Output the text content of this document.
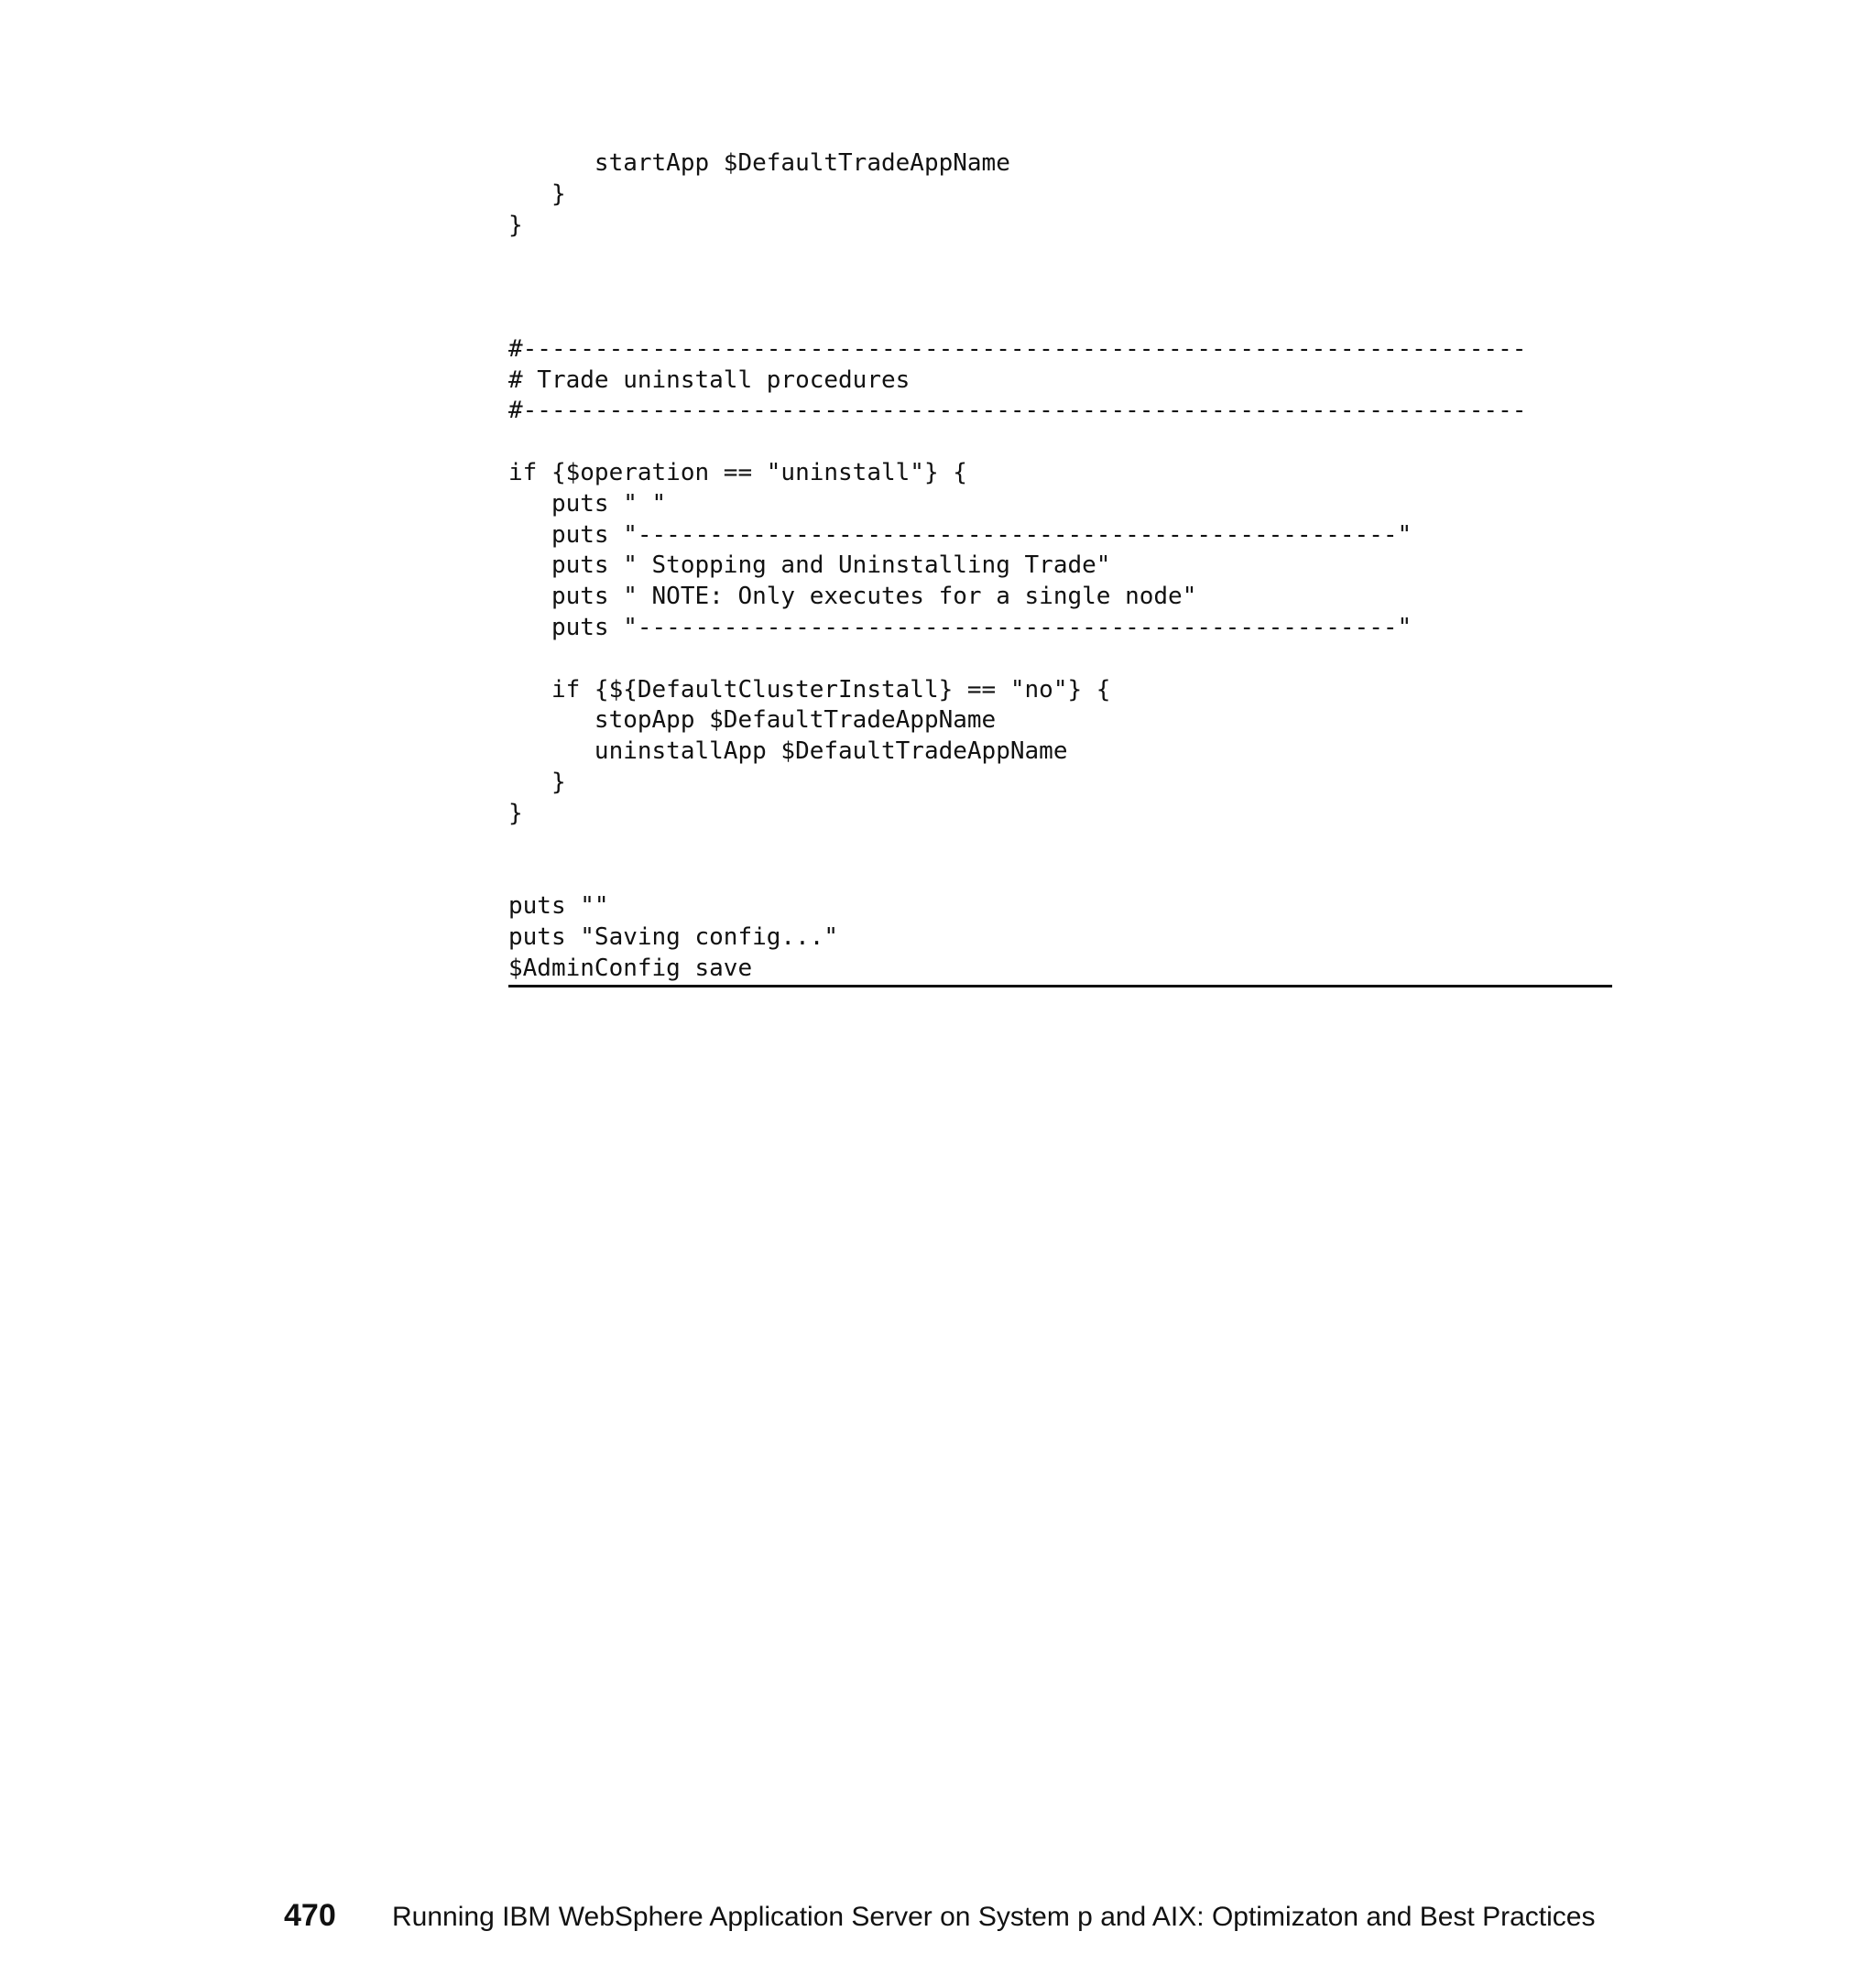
startApp $DefaultTradeAppName
}
}
#----------------------------------------------------------------------
# Trade uninstall procedures
#----------------------------------------------------------------------
if {$operation == "uninstall"} {
puts " "
puts "-----------------------------------------------------"
puts " Stopping and Uninstalling Trade"
puts " NOTE: Only executes for a single node"
puts "-----------------------------------------------------"
if {${DefaultClusterInstall} == "no"} {
stopApp $DefaultTradeAppName
uninstallApp $DefaultTradeAppName
}
}
puts ""
puts "Saving config..."
$AdminConfig save
470	Running IBM WebSphere Application Server on System p and AIX: Optimizaton and Best Practices
